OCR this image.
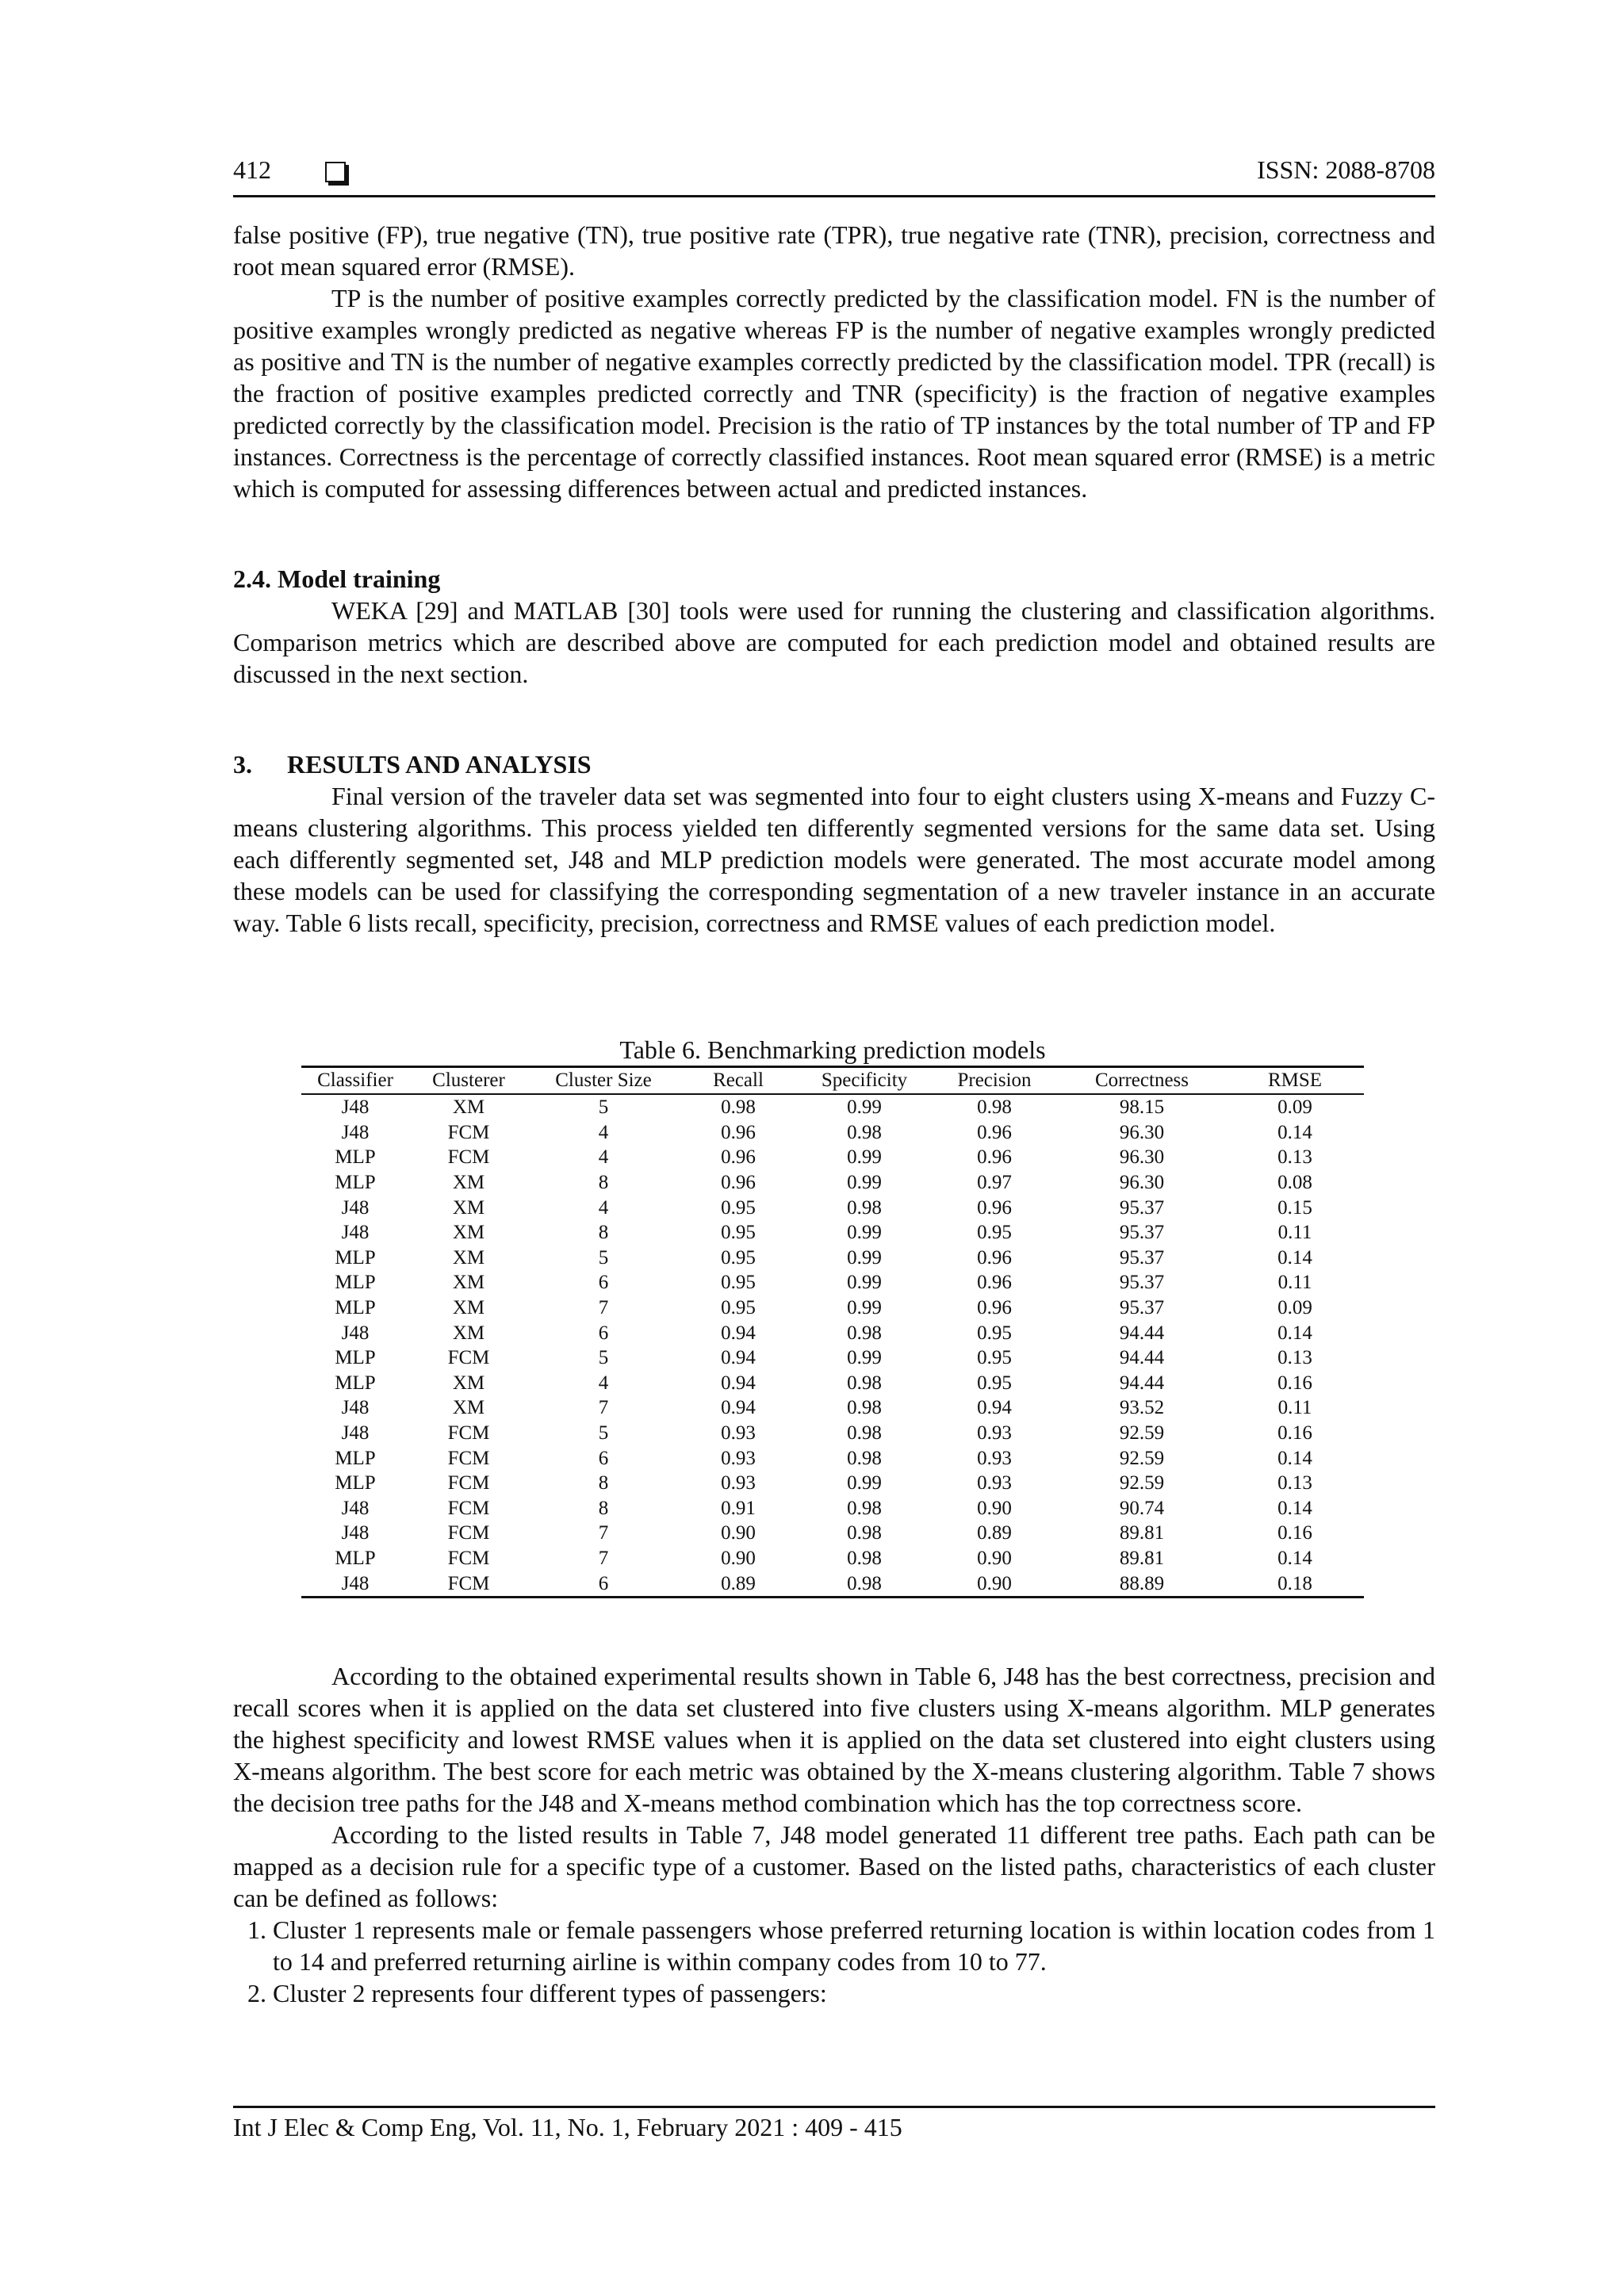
412	ISSN: 2088-8708

false positive (FP), true negative (TN), true positive rate (TPR), true negative rate (TNR), precision, correctness and root mean squared error (RMSE).

TP is the number of positive examples correctly predicted by the classification model. FN is the number of positive examples wrongly predicted as negative whereas FP is the number of negative examples wrongly predicted as positive and TN is the number of negative examples correctly predicted by the classification model. TPR (recall) is the fraction of positive examples predicted correctly and TNR (specificity) is the fraction of negative examples predicted correctly by the classification model. Precision is the ratio of TP instances by the total number of TP and FP instances. Correctness is the percentage of correctly classified instances. Root mean squared error (RMSE) is a metric which is computed for assessing differences between actual and predicted instances.

2.4. Model training

WEKA [29] and MATLAB [30] tools were used for running the clustering and classification algorithms. Comparison metrics which are described above are computed for each prediction model and obtained results are discussed in the next section.

3. RESULTS AND ANALYSIS

Final version of the traveler data set was segmented into four to eight clusters using X-means and Fuzzy C-means clustering algorithms. This process yielded ten differently segmented versions for the same data set. Using each differently segmented set, J48 and MLP prediction models were generated. The most accurate model among these models can be used for classifying the corresponding segmentation of a new traveler instance in an accurate way. Table 6 lists recall, specificity, precision, correctness and RMSE values of each prediction model.

Table 6. Benchmarking prediction models
Classifier	Clusterer	Cluster Size	Recall	Specificity	Precision	Correctness	RMSE
J48	XM	5	0.98	0.99	0.98	98.15	0.09
J48	FCM	4	0.96	0.98	0.96	96.30	0.14
MLP	FCM	4	0.96	0.99	0.96	96.30	0.13
MLP	XM	8	0.96	0.99	0.97	96.30	0.08
J48	XM	4	0.95	0.98	0.96	95.37	0.15
J48	XM	8	0.95	0.99	0.95	95.37	0.11
MLP	XM	5	0.95	0.99	0.96	95.37	0.14
MLP	XM	6	0.95	0.99	0.96	95.37	0.11
MLP	XM	7	0.95	0.99	0.96	95.37	0.09
J48	XM	6	0.94	0.98	0.95	94.44	0.14
MLP	FCM	5	0.94	0.99	0.95	94.44	0.13
MLP	XM	4	0.94	0.98	0.95	94.44	0.16
J48	XM	7	0.94	0.98	0.94	93.52	0.11
J48	FCM	5	0.93	0.98	0.93	92.59	0.16
MLP	FCM	6	0.93	0.98	0.93	92.59	0.14
MLP	FCM	8	0.93	0.99	0.93	92.59	0.13
J48	FCM	8	0.91	0.98	0.90	90.74	0.14
J48	FCM	7	0.90	0.98	0.89	89.81	0.16
MLP	FCM	7	0.90	0.98	0.90	89.81	0.14
J48	FCM	6	0.89	0.98	0.90	88.89	0.18

According to the obtained experimental results shown in Table 6, J48 has the best correctness, precision and recall scores when it is applied on the data set clustered into five clusters using X-means algorithm. MLP generates the highest specificity and lowest RMSE values when it is applied on the data set clustered into eight clusters using X-means algorithm. The best score for each metric was obtained by the X-means clustering algorithm. Table 7 shows the decision tree paths for the J48 and X-means method combination which has the top correctness score.

According to the listed results in Table 7, J48 model generated 11 different tree paths. Each path can be mapped as a decision rule for a specific type of a customer. Based on the listed paths, characteristics of each cluster can be defined as follows:

1. Cluster 1 represents male or female passengers whose preferred returning location is within location codes from 1 to 14 and preferred returning airline is within company codes from 10 to 77.
2. Cluster 2 represents four different types of passengers:
Int J Elec & Comp Eng, Vol. 11, No. 1, February 2021 : 409 - 415
